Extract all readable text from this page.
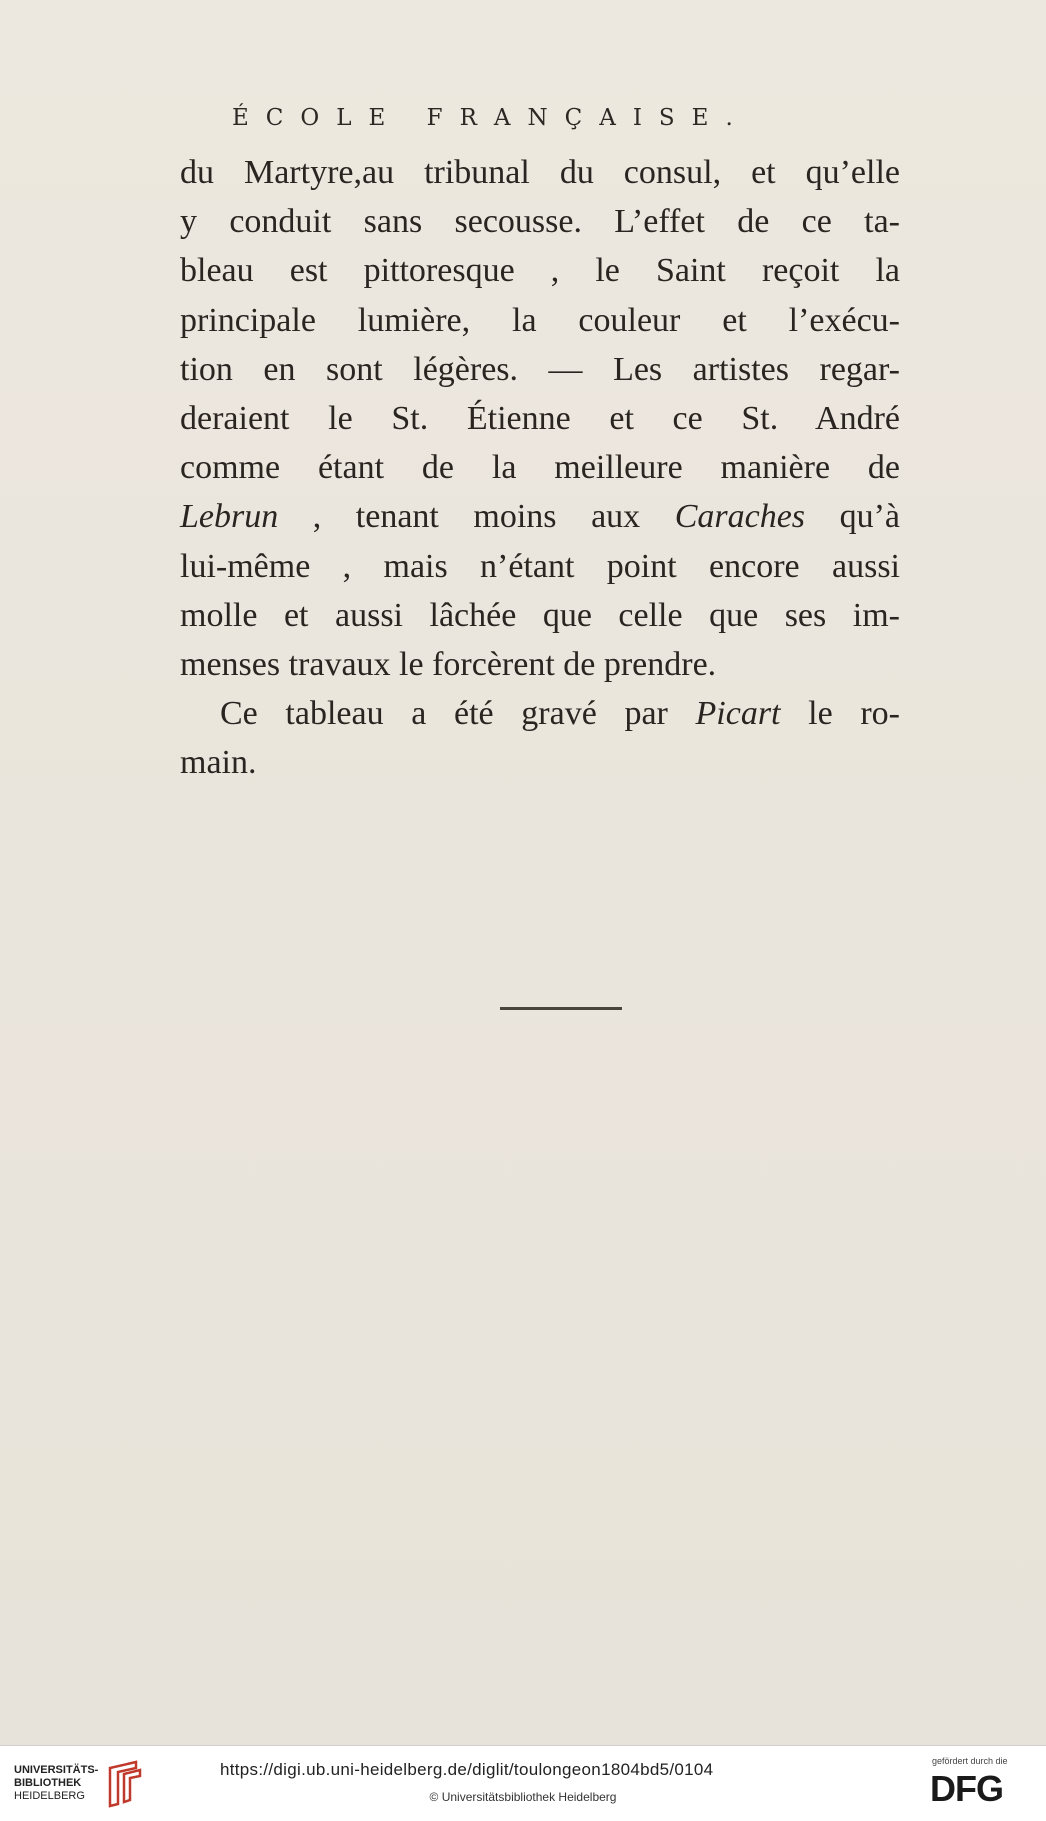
ÉCOLE FRANÇAISE.
du Martyre,au tribunal du consul, et qu’elle
y conduit sans secousse. L’effet de ce ta-
bleau est pittoresque , le Saint reçoit la
principale lumière, la couleur et l’exécu-
tion en sont légères. — Les artistes regar-
deraient le St. Étienne et ce St. André
comme étant de la meilleure manière de
Lebrun , tenant moins aux Caraches qu’à
lui-même , mais n’étant point encore aussi
molle et aussi lâchée que celle que ses im-
menses travaux le forcèrent de prendre.
Ce tableau a été gravé par Picart le ro-
main.
UNIVERSITÄTS-
BIBLIOTHEK
HEIDELBERG
https://digi.ub.uni-heidelberg.de/diglit/toulongeon1804bd5/0104
© Universitätsbibliothek Heidelberg
gefördert durch die
DFG
